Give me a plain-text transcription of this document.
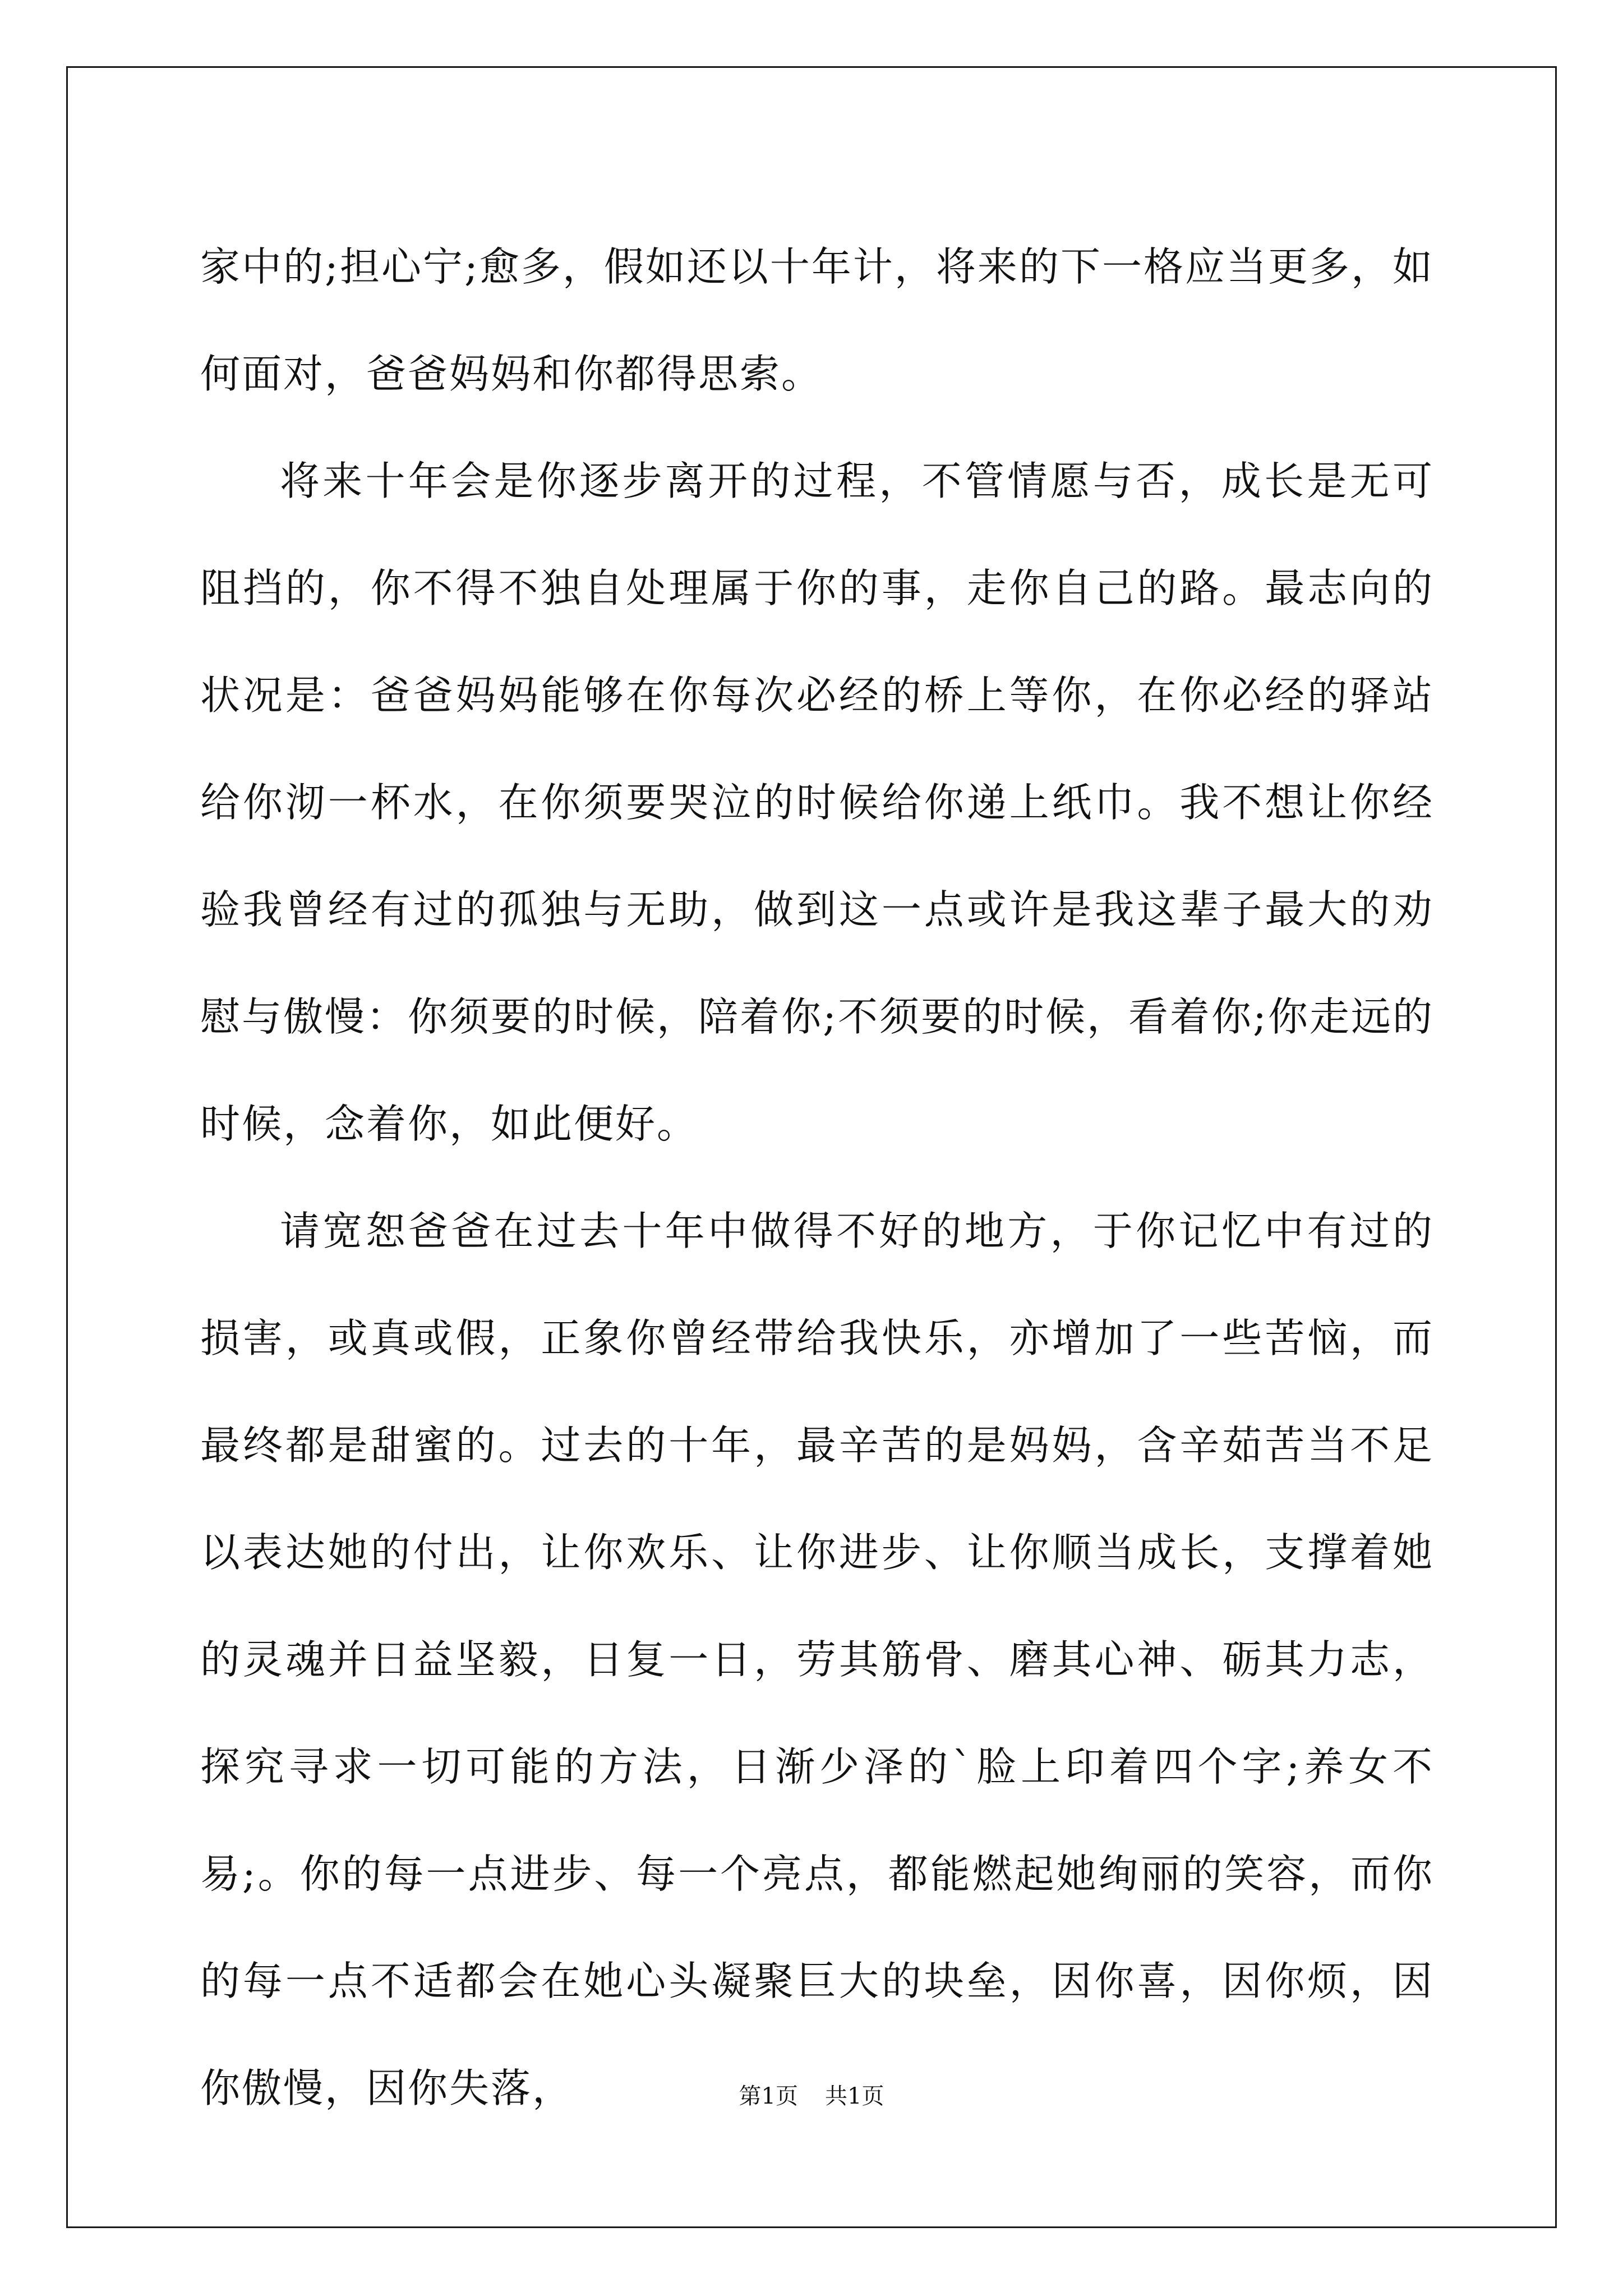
家中的;担心宁;愈多，假如还以十年计，将来的下一格应当更多，如何面对，爸爸妈妈和你都得思索。

将来十年会是你逐步离开的过程，不管情愿与否，成长是无可阻挡的，你不得不独自处理属于你的事，走你自己的路。最志向的状况是：爸爸妈妈能够在你每次必经的桥上等你，在你必经的驿站给你沏一杯水，在你须要哭泣的时候给你递上纸巾。我不想让你经验我曾经有过的孤独与无助，做到这一点或许是我这辈子最大的劝慰与傲慢：你须要的时候，陪着你;不须要的时候，看着你;你走远的时候，念着你，如此便好。

请宽恕爸爸在过去十年中做得不好的地方，于你记忆中有过的损害，或真或假，正象你曾经带给我快乐，亦增加了一些苦恼，而最终都是甜蜜的。过去的十年，最辛苦的是妈妈，含辛茹苦当不足以表达她的付出，让你欢乐、让你进步、让你顺当成长，支撑着她的灵魂并日益坚毅，日复一日，劳其筋骨、磨其心神、砺其力志，探究寻求一切可能的方法，日渐少泽的`脸上印着四个字;养女不易;。你的每一点进步、每一个亮点，都能燃起她绚丽的笑容，而你的每一点不适都会在她心头凝聚巨大的块垒，因你喜，因你烦，因你傲慢，因你失落，	第1页 共1页
